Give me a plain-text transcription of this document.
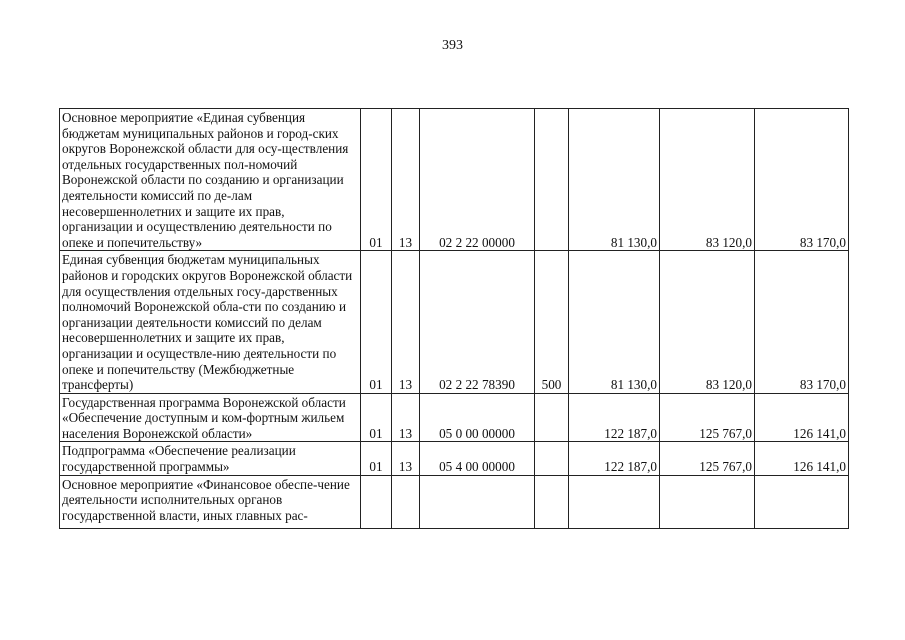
393
Основное мероприятие «Единая субвенция бюджетам муниципальных районов и город-ских округов Воронежской области для осу-ществления отдельных государственных пол-номочий Воронежской области по созданию и организации деятельности комиссий по де-лам несовершеннолетних и защите их прав, организации и осуществлению деятельности по опеке и попечительству»	01	13	02 2 22 00000		81 130,0	83 120,0	83 170,0
Единая субвенция бюджетам муниципальных районов и городских округов Воронежской области для осуществления отдельных госу-дарственных полномочий Воронежской обла-сти по созданию и организации деятельности комиссий по делам несовершеннолетних и защите их прав, организации и осуществле-нию деятельности по опеке и попечительству (Межбюджетные трансферты)	01	13	02 2 22 78390	500	81 130,0	83 120,0	83 170,0
Государственная программа Воронежской области «Обеспечение доступным и ком-фортным жильем населения Воронежской области»	01	13	05 0 00 00000		122 187,0	125 767,0	126 141,0
Подпрограмма «Обеспечение реализации государственной программы»	01	13	05 4 00 00000		122 187,0	125 767,0	126 141,0
Основное мероприятие «Финансовое обеспе-чение деятельности исполнительных органов государственной власти, иных главных рас-							
